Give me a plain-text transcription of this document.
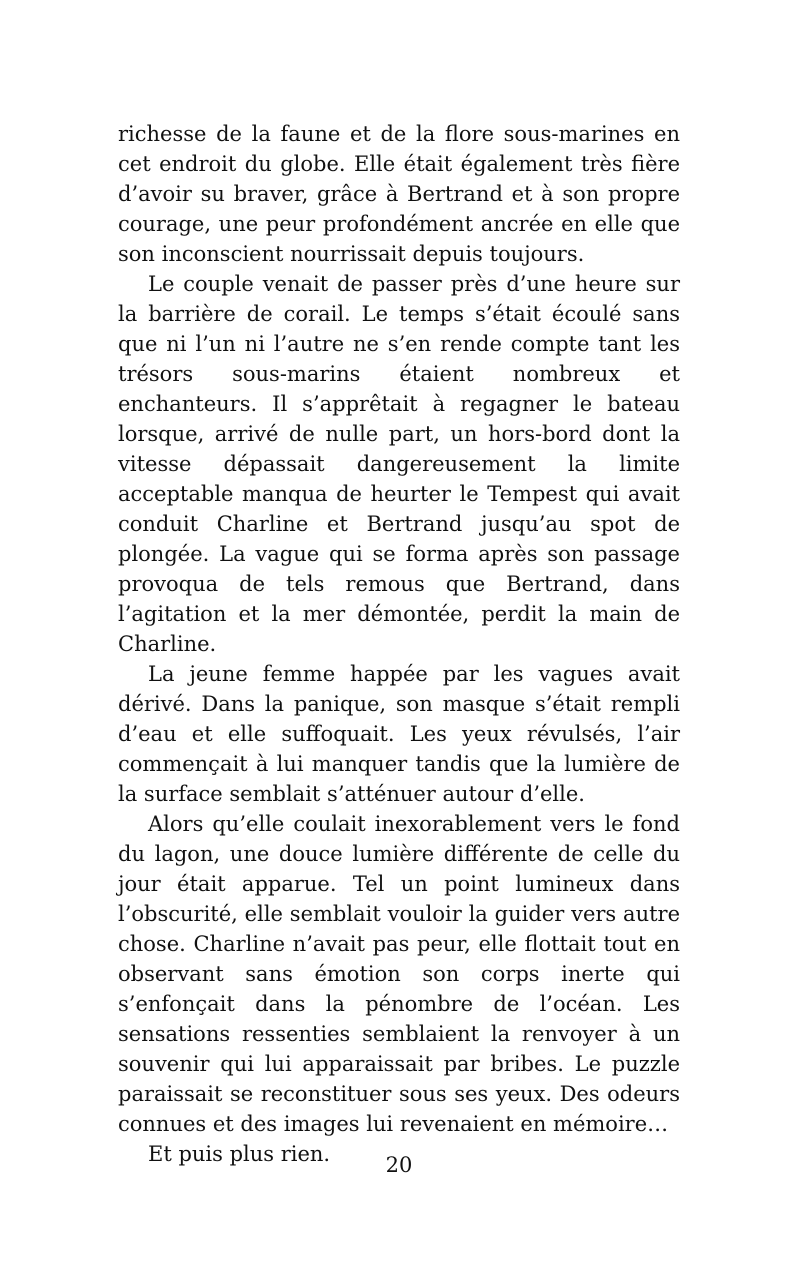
richesse de la faune et de la flore sous-marines en cet endroit du globe. Elle était également très fière d’avoir su braver, grâce à Bertrand et à son propre courage, une peur profondément ancrée en elle que son inconscient nourrissait depuis toujours.

Le couple venait de passer près d’une heure sur la barrière de corail. Le temps s’était écoulé sans que ni l’un ni l’autre ne s’en rende compte tant les trésors sous-marins étaient nombreux et enchanteurs. Il s’apprêtait à regagner le bateau lorsque, arrivé de nulle part, un hors-bord dont la vitesse dépassait dangereusement la limite acceptable manqua de heurter le Tempest qui avait conduit Charline et Bertrand jusqu’au spot de plongée. La vague qui se forma après son passage provoqua de tels remous que Bertrand, dans l’agitation et la mer démontée, perdit la main de Charline.

La jeune femme happée par les vagues avait dérivé. Dans la panique, son masque s’était rempli d’eau et elle suffoquait. Les yeux révulsés, l’air commençait à lui manquer tandis que la lumière de la surface semblait s’atténuer autour d’elle.

Alors qu’elle coulait inexorablement vers le fond du lagon, une douce lumière différente de celle du jour était apparue. Tel un point lumineux dans l’obscurité, elle semblait vouloir la guider vers autre chose. Charline n’avait pas peur, elle flottait tout en observant sans émotion son corps inerte qui s’enfonçait dans la pénombre de l’océan. Les sensations ressenties semblaient la renvoyer à un souvenir qui lui apparaissait par bribes. Le puzzle paraissait se reconstituer sous ses yeux. Des odeurs connues et des images lui revenaient en mémoire…

Et puis plus rien.	20
